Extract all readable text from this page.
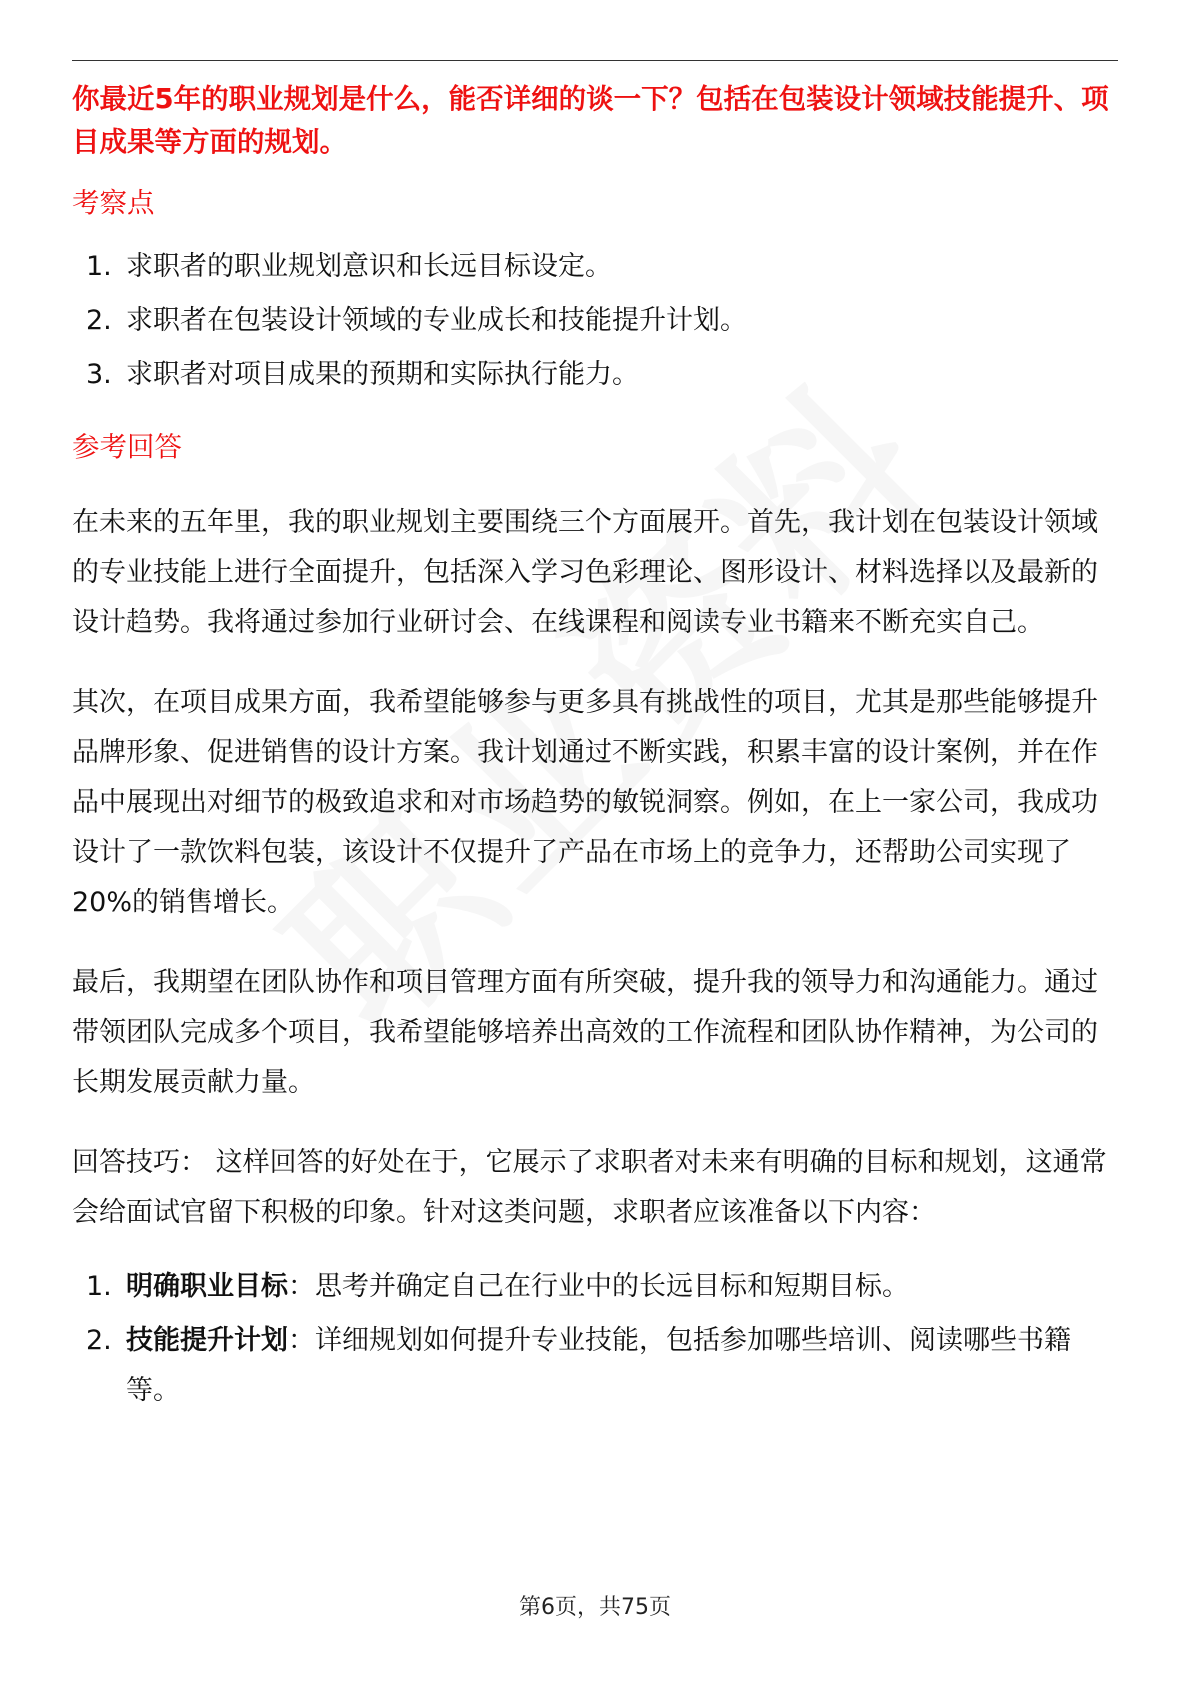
你最近5年的职业规划是什么，能否详细的谈一下？包括在包装设计领域技能提升、项目成果等方面的规划。

考察点

1. 求职者的职业规划意识和长远目标设定。
2. 求职者在包装设计领域的专业成长和技能提升计划。
3. 求职者对项目成果的预期和实际执行能力。

参考回答

在未来的五年里，我的职业规划主要围绕三个方面展开。首先，我计划在包装设计领域的专业技能上进行全面提升，包括深入学习色彩理论、图形设计、材料选择以及最新的设计趋势。我将通过参加行业研讨会、在线课程和阅读专业书籍来不断充实自己。

其次，在项目成果方面，我希望能够参与更多具有挑战性的项目，尤其是那些能够提升品牌形象、促进销售的设计方案。我计划通过不断实践，积累丰富的设计案例，并在作品中展现出对细节的极致追求和对市场趋势的敏锐洞察。例如，在上一家公司，我成功设计了一款饮料包装，该设计不仅提升了产品在市场上的竞争力，还帮助公司实现了20%的销售增长。

最后，我期望在团队协作和项目管理方面有所突破，提升我的领导力和沟通能力。通过带领团队完成多个项目，我希望能够培养出高效的工作流程和团队协作精神，为公司的长期发展贡献力量。

回答技巧： 这样回答的好处在于，它展示了求职者对未来有明确的目标和规划，这通常会给面试官留下积极的印象。针对这类问题，求职者应该准备以下内容：

1. 明确职业目标：思考并确定自己在行业中的长远目标和短期目标。
2. 技能提升计划：详细规划如何提升专业技能，包括参加哪些培训、阅读哪些书籍等。
第6页，共75页
